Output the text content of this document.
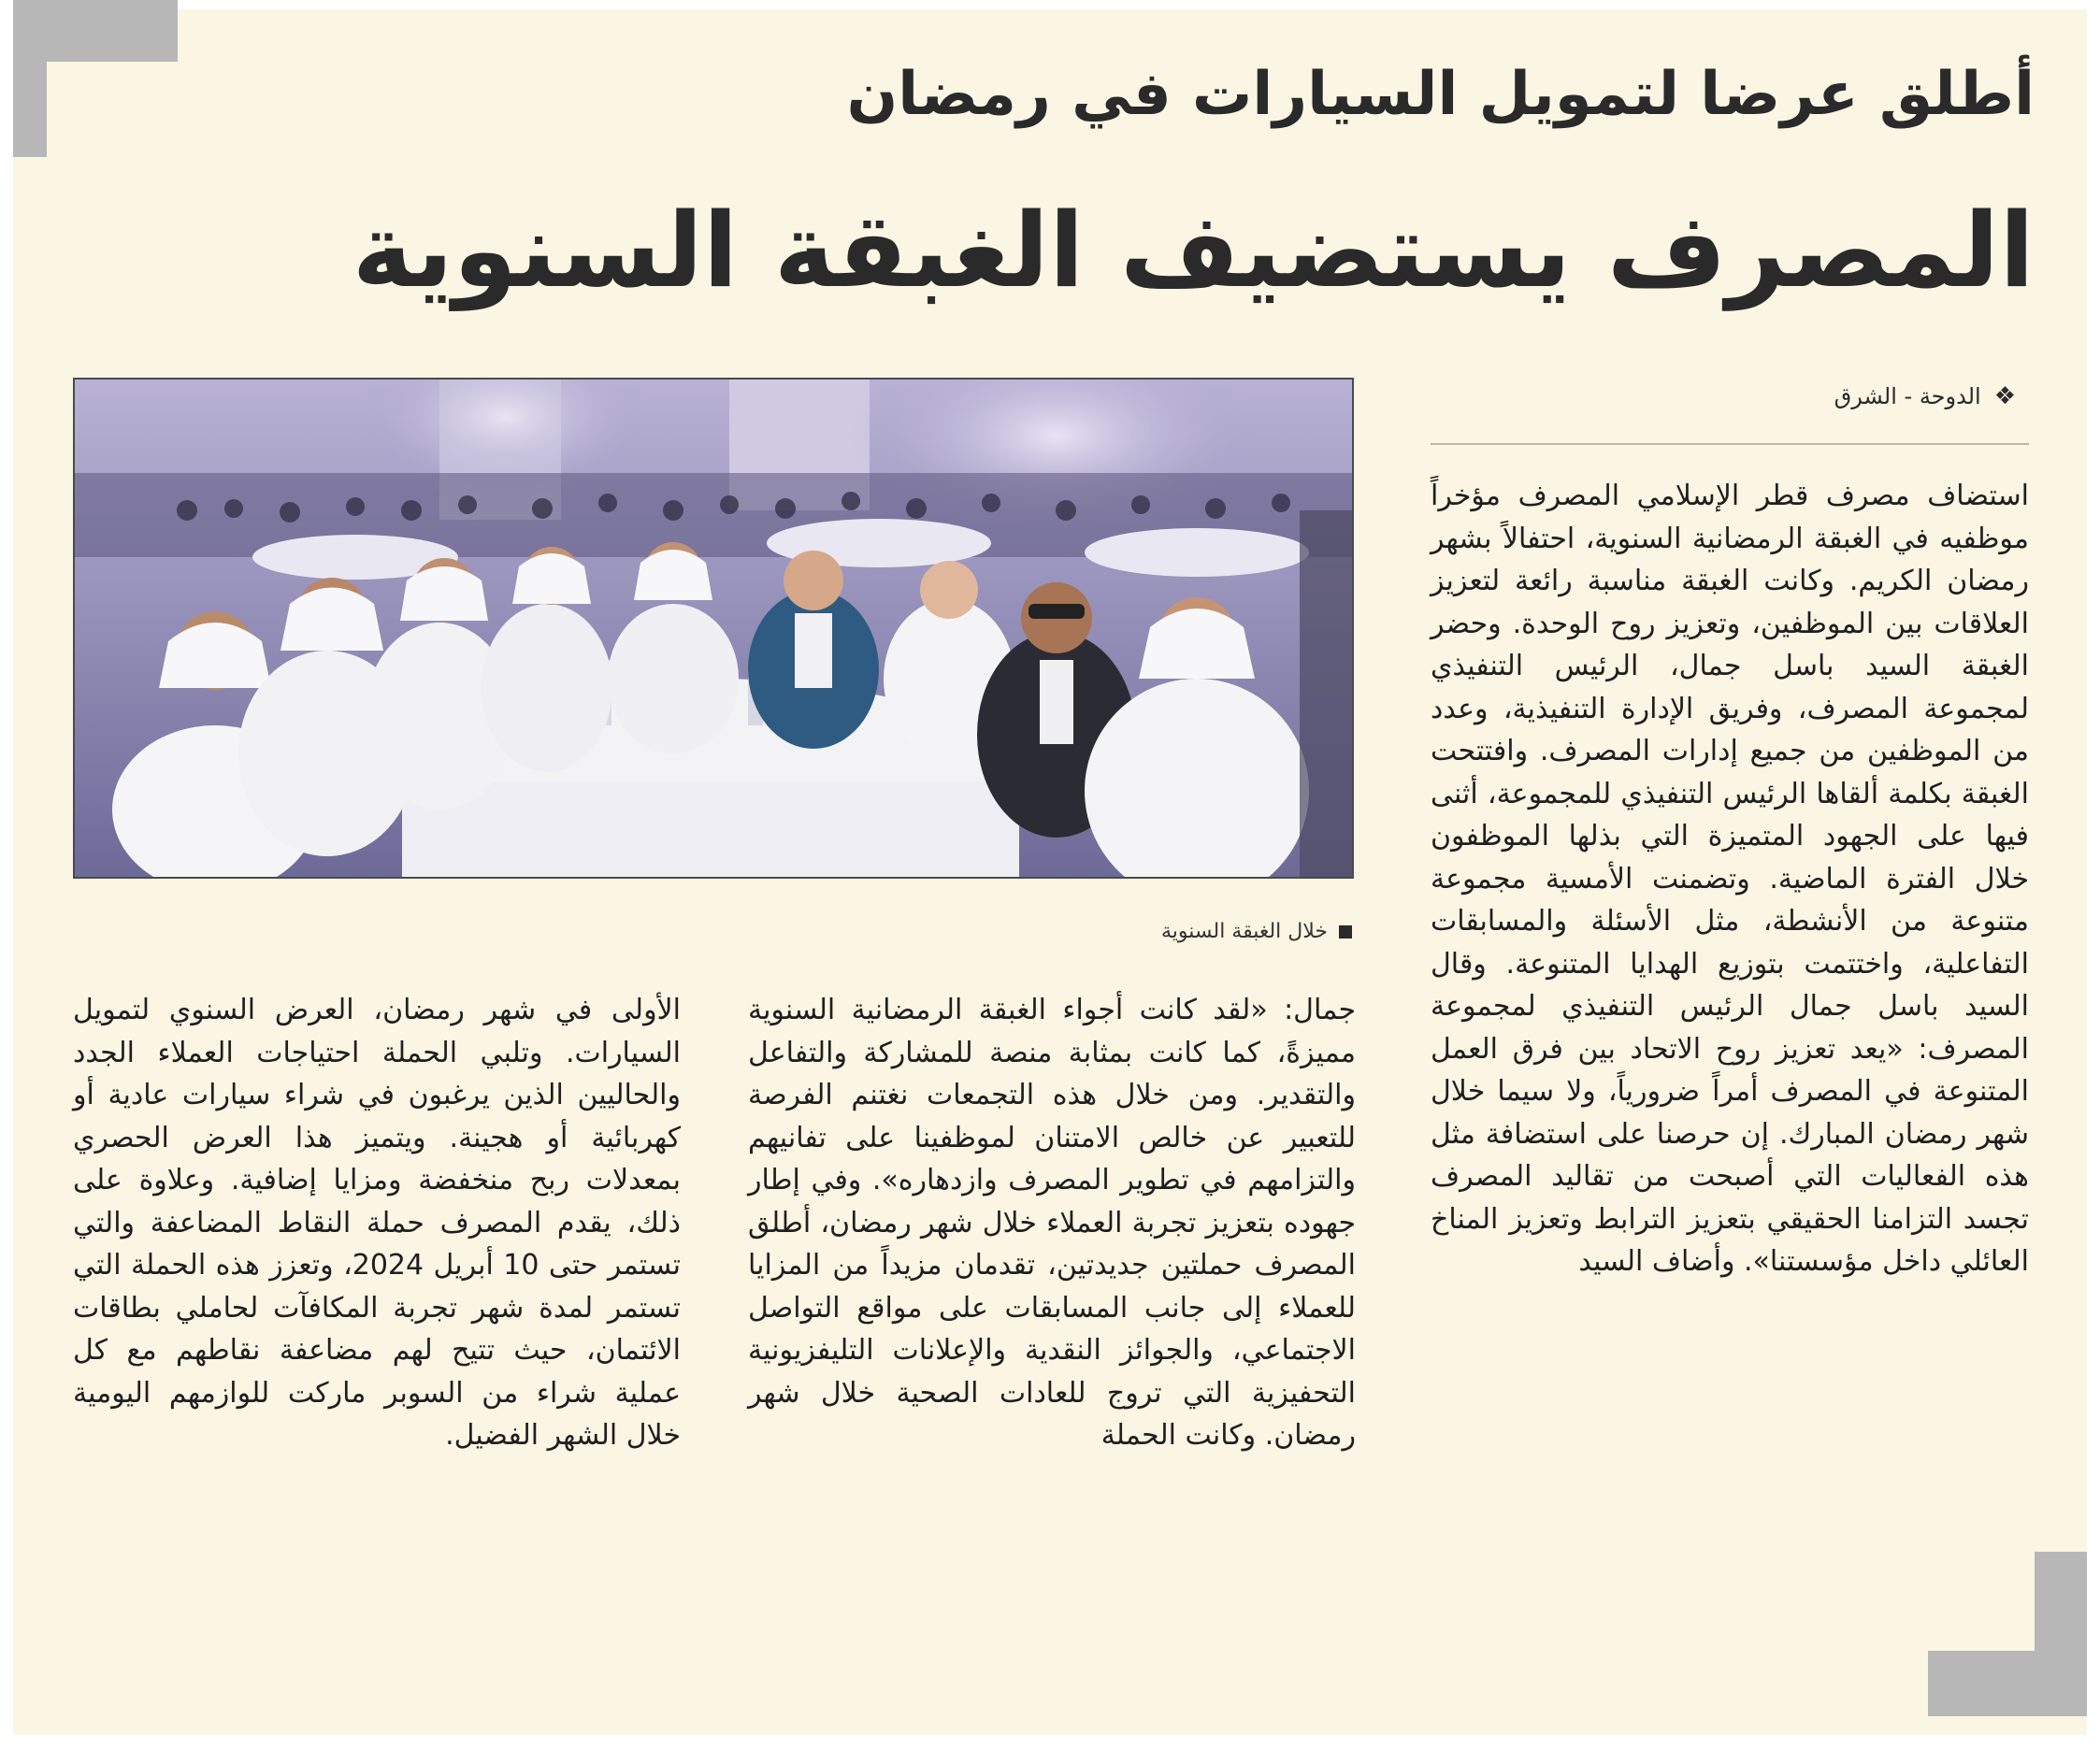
أطلق عرضا لتمويل السيارات في رمضان
المصرف يستضيف الغبقة السنوية
❖الدوحة - الشرق
خلال الغبقة السنوية

استضاف مصرف قطر الإسلامي المصرف مؤخراً موظفيه في الغبقة الرمضانية السنوية، احتفالاً بشهر رمضان الكريم. وكانت الغبقة مناسبة رائعة لتعزيز العلاقات بين الموظفين، وتعزيز روح الوحدة. وحضر الغبقة السيد باسل جمال، الرئيس التنفيذي لمجموعة المصرف، وفريق الإدارة التنفيذية، وعدد من الموظفين من جميع إدارات المصرف. وافتتحت الغبقة بكلمة ألقاها الرئيس التنفيذي للمجموعة، أثنى فيها على الجهود المتميزة التي بذلها الموظفون خلال الفترة الماضية. وتضمنت الأمسية مجموعة متنوعة من الأنشطة، مثل الأسئلة والمسابقات التفاعلية، واختتمت بتوزيع الهدايا المتنوعة. وقال السيد باسل جمال الرئيس التنفيذي لمجموعة المصرف: «يعد تعزيز روح الاتحاد بين فرق العمل المتنوعة في المصرف أمراً ضرورياً، ولا سيما خلال شهر رمضان المبارك. إن حرصنا على استضافة مثل هذه الفعاليات التي أصبحت من تقاليد المصرف تجسد التزامنا الحقيقي بتعزيز الترابط وتعزيز المناخ العائلي داخل مؤسستنا». وأضاف السيد

جمال: «لقد كانت أجواء الغبقة الرمضانية السنوية مميزةً، كما كانت بمثابة منصة للمشاركة والتفاعل والتقدير. ومن خلال هذه التجمعات نغتنم الفرصة للتعبير عن خالص الامتنان لموظفينا على تفانيهم والتزامهم في تطوير المصرف وازدهاره». وفي إطار جهوده بتعزيز تجربة العملاء خلال شهر رمضان، أطلق المصرف حملتين جديدتين، تقدمان مزيداً من المزايا للعملاء إلى جانب المسابقات على مواقع التواصل الاجتماعي، والجوائز النقدية والإعلانات التليفزيونية التحفيزية التي تروج للعادات الصحية خلال شهر رمضان. وكانت الحملة

الأولى في شهر رمضان، العرض السنوي لتمويل السيارات. وتلبي الحملة احتياجات العملاء الجدد والحاليين الذين يرغبون في شراء سيارات عادية أو كهربائية أو هجينة. ويتميز هذا العرض الحصري بمعدلات ربح منخفضة ومزايا إضافية. وعلاوة على ذلك، يقدم المصرف حملة النقاط المضاعفة والتي تستمر حتى 10 أبريل 2024، وتعزز هذه الحملة التي تستمر لمدة شهر تجربة المكافآت لحاملي بطاقات الائتمان، حيث تتيح لهم مضاعفة نقاطهم مع كل عملية شراء من السوبر ماركت للوازمهم اليومية خلال الشهر الفضيل.
